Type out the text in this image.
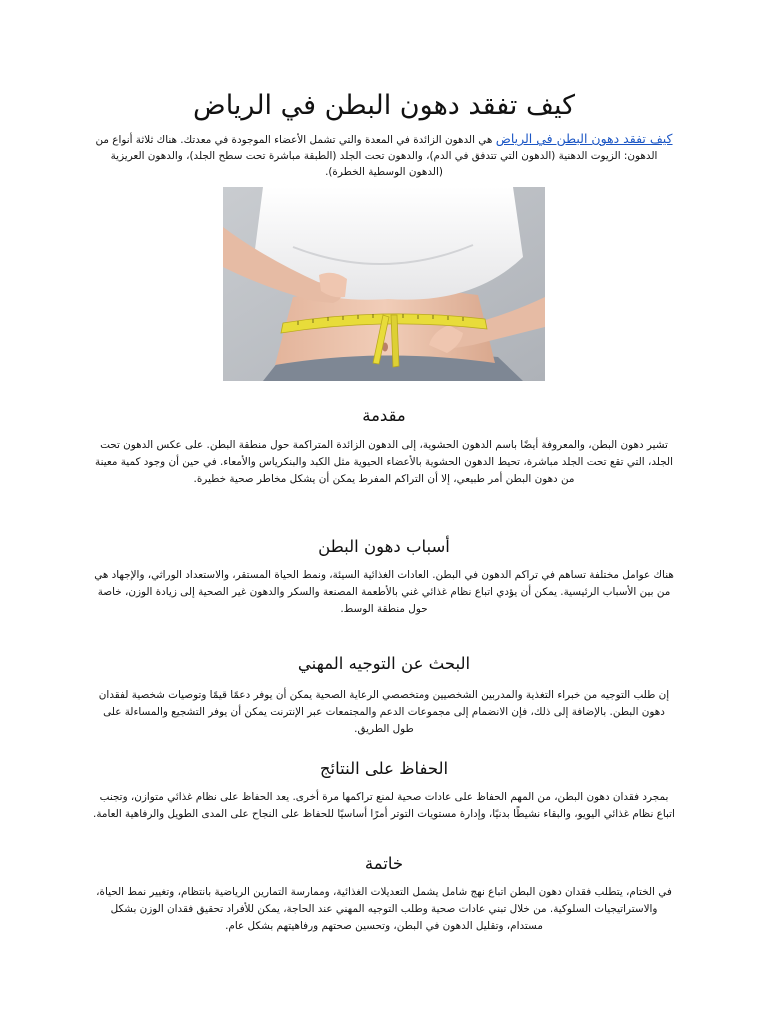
كيف تفقد دهون البطن في الرياض

كيف تفقد دهون البطن في الرياض هي الدهون الزائدة في المعدة والتي تشمل الأعضاء الموجودة في معدتك. هناك ثلاثة أنواع من الدهون: الزيوت الدهنية (الدهون التي تتدفق في الدم)، والدهون تحت الجلد (الطبقة مباشرة تحت سطح الجلد)، والدهون العريزية (الدهون الوسطية الخطرة).

مقدمة

تشير دهون البطن، والمعروفة أيضًا باسم الدهون الحشوية، إلى الدهون الزائدة المتراكمة حول منطقة البطن. على عكس الدهون تحت الجلد، التي تقع تحت الجلد مباشرة، تحيط الدهون الحشوية بالأعضاء الحيوية مثل الكبد والبنكرياس والأمعاء. في حين أن وجود كمية معينة من دهون البطن أمر طبيعي، إلا أن التراكم المفرط يمكن أن يشكل مخاطر صحية خطيرة.

أسباب دهون البطن

هناك عوامل مختلفة تساهم في تراكم الدهون في البطن. العادات الغذائية السيئة، ونمط الحياة المستقر، والاستعداد الوراثي، والإجهاد هي من بين الأسباب الرئيسية. يمكن أن يؤدي اتباع نظام غذائي غني بالأطعمة المصنعة والسكر والدهون غير الصحية إلى زيادة الوزن، خاصة حول منطقة الوسط.

البحث عن التوجيه المهني

إن طلب التوجيه من خبراء التغذية والمدربين الشخصيين ومتخصصي الرعاية الصحية يمكن أن يوفر دعمًا قيمًا وتوصيات شخصية لفقدان دهون البطن. بالإضافة إلى ذلك، فإن الانضمام إلى مجموعات الدعم والمجتمعات عبر الإنترنت يمكن أن يوفر التشجيع والمساءلة على طول الطريق.

الحفاظ على النتائج

بمجرد فقدان دهون البطن، من المهم الحفاظ على عادات صحية لمنع تراكمها مرة أخرى. يعد الحفاظ على نظام غذائي متوازن، وتجنب اتباع نظام غذائي اليويو، والبقاء نشيطًا بدنيًا، وإدارة مستويات التوتر أمرًا أساسيًا للحفاظ على النجاح على المدى الطويل والرفاهية العامة.

خاتمة

في الختام، يتطلب فقدان دهون البطن اتباع نهج شامل يشمل التعديلات الغذائية، وممارسة التمارين الرياضية بانتظام، وتغيير نمط الحياة، والاستراتيجيات السلوكية. من خلال تبني عادات صحية وطلب التوجيه المهني عند الحاجة، يمكن للأفراد تحقيق فقدان الوزن بشكل مستدام، وتقليل الدهون في البطن، وتحسين صحتهم ورفاهيتهم بشكل عام.
